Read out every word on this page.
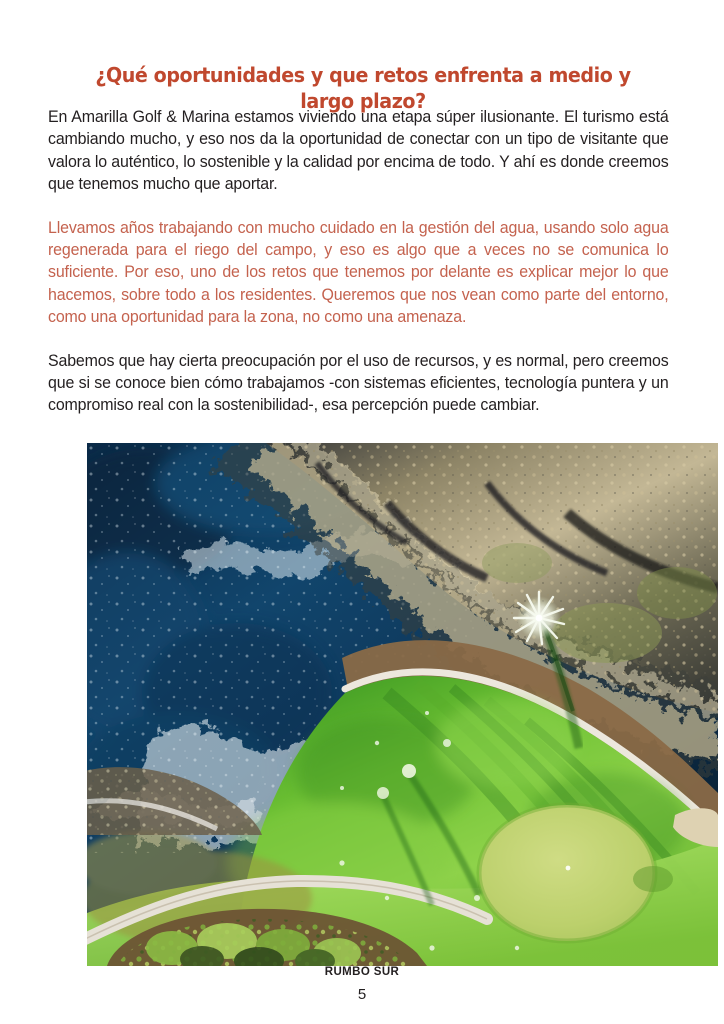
¿Qué oportunidades y que retos enfrenta a medio y largo plazo?

En Amarilla Golf & Marina estamos viviendo una etapa súper ilusionante. El turismo está cambiando mucho, y eso nos da la oportunidad de conectar con un tipo de visitante que valora lo auténtico, lo sostenible y la calidad por encima de todo. Y ahí es donde creemos que tenemos mucho que aportar.

Llevamos años trabajando con mucho cuidado en la gestión del agua, usando solo agua regenerada para el riego del campo, y eso es algo que a veces no se comunica lo suficiente. Por eso, uno de los retos que tenemos por delante es explicar mejor lo que hacemos, sobre todo a los residentes. Queremos que nos vean como parte del entorno, como una oportunidad para la zona, no como una amenaza.

Sabemos que hay cierta preocupación por el uso de recursos, y es normal, pero creemos que si se conoce bien cómo trabajamos -con sistemas eficientes, tecnología puntera y un compromiso real con la sostenibilidad-, esa percepción puede cambiar.

RUMBO SUR
5
